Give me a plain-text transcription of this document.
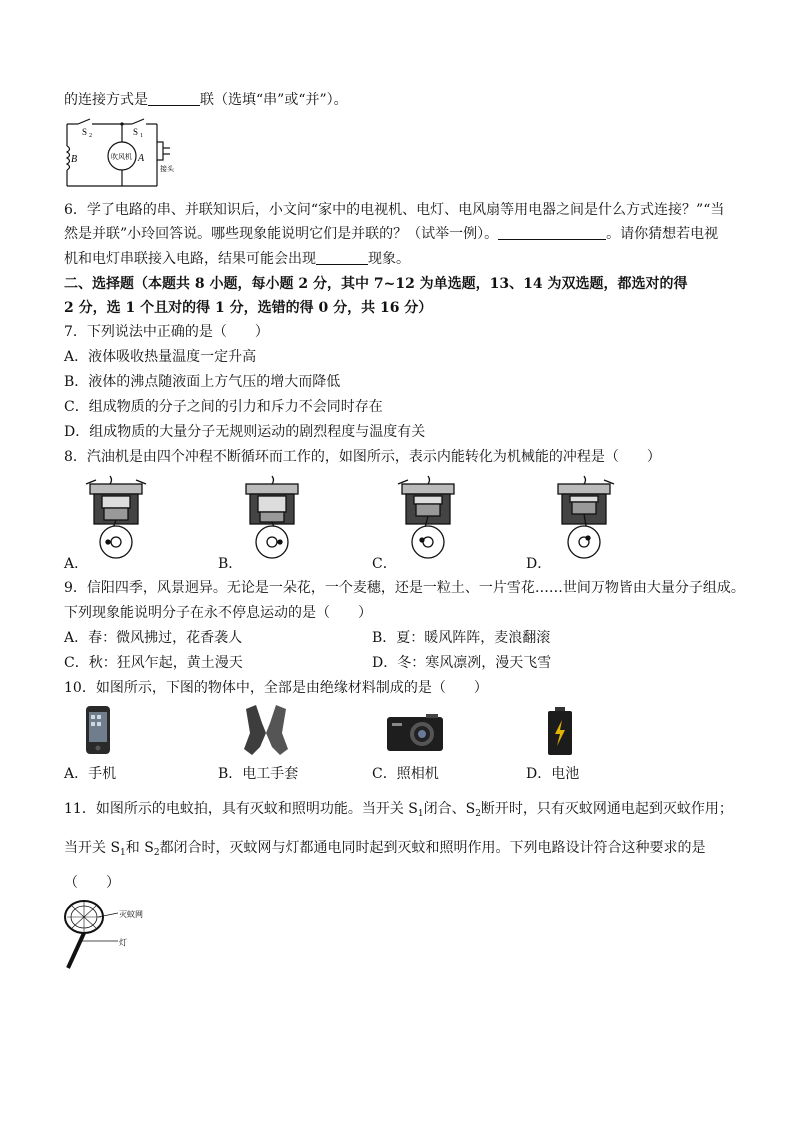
的连接方式是	联（选填“串”或“并”）。
S 2	S 1
吹风机 A
B
接头
6．学了电路的串、并联知识后，小文问“家中的电视机、电灯、电风扇等用电器之间是什么方式连接？”“当
然是并联”小玲回答说。哪些现象能说明它们是并联的？（试举一例）。	。请你猜想若电视
机和电灯串联接入电路，结果可能会出现	现象。
二、选择题（本题共 8 小题，每小题 2 分，其中 7~12 为单选题，13、14 为双选题，都选对的得
2 分，选 1 个且对的得 1 分，选错的得 0 分，共 16 分）
7．下列说法中正确的是（　　）
A．液体吸收热量温度一定升高
B．液体的沸点随液面上方气压的增大而降低
C．组成物质的分子之间的引力和斥力不会同时存在
D．组成物质的大量分子无规则运动的剧烈程度与温度有关
8．汽油机是由四个冲程不断循环而工作的，如图所示，表示内能转化为机械能的冲程是（　　）
A．	B．	C．	D．
9．信阳四季，风景迥异。无论是一朵花，一个麦穗，还是一粒土、一片雪花……世间万物皆由大量分子组成。
下列现象能说明分子在永不停息运动的是（　　）
A．春：微风拂过，花香袭人	B．夏：暖风阵阵，麦浪翻滚
C．秋：狂风乍起，黄土漫天	D．冬：寒风凛冽，漫天飞雪
10．如图所示，下图的物体中，全部是由绝缘材料制成的是（　　）
A．手机	B．电工手套	C．照相机	D．电池
11．如图所示的电蚊拍，具有灭蚊和照明功能。当开关 $S_1$闭合、$S_2$断开时，只有灭蚊网通电起到灭蚊作用；
当开关 $S_1$和 $S_2$都闭合时，灭蚊网与灯都通电同时起到灭蚊和照明作用。下列电路设计符合这种要求的是
（　　）
灭蚊网
灯
